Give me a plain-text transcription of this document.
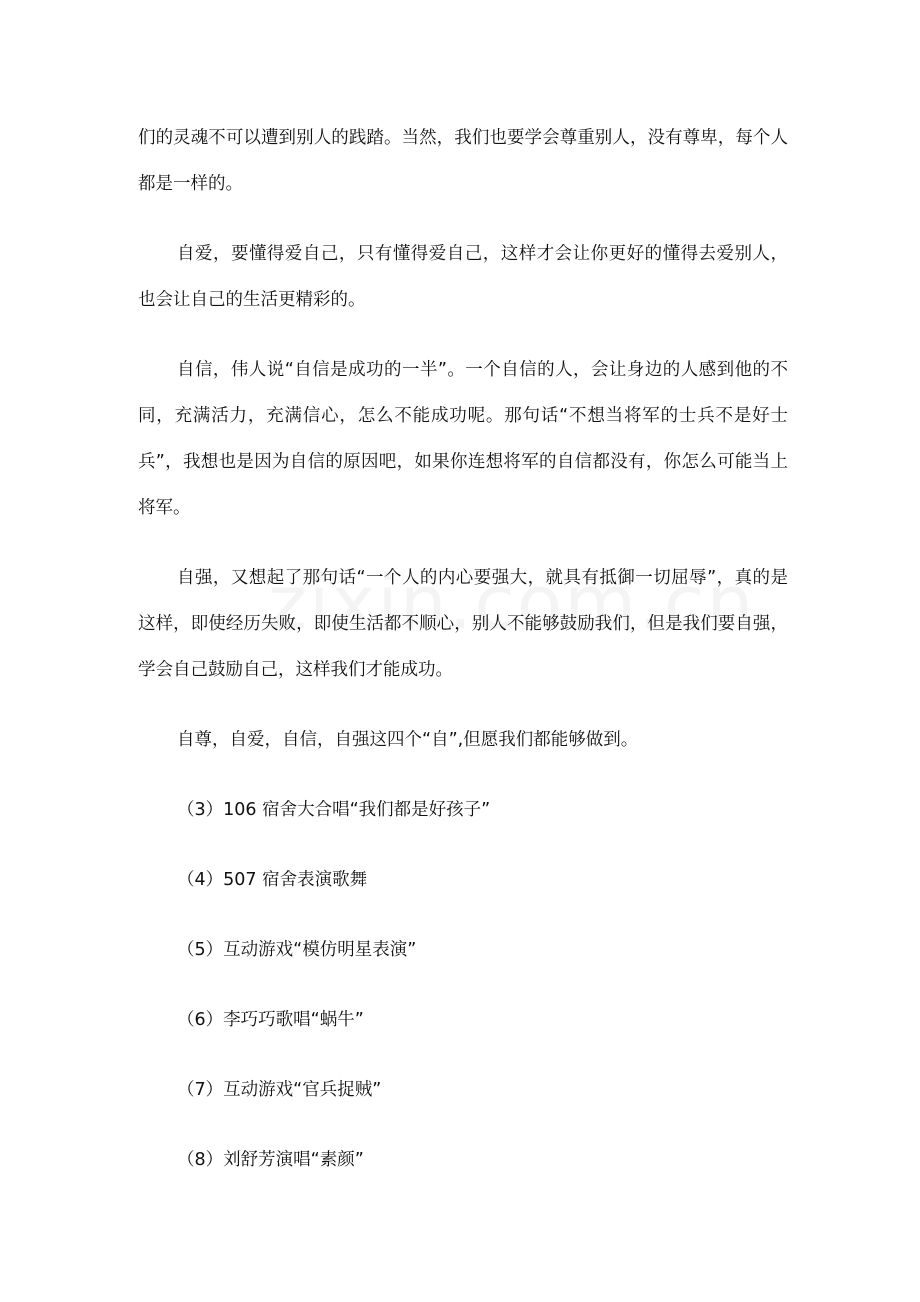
们的灵魂不可以遭到别人的践踏。当然，我们也要学会尊重别人，没有尊卑，每个人都是一样的。

自爱，要懂得爱自己，只有懂得爱自己，这样才会让你更好的懂得去爱别人，也会让自己的生活更精彩的。

自信，伟人说“自信是成功的一半”。一个自信的人，会让身边的人感到他的不同，充满活力，充满信心，怎么不能成功呢。那句话“不想当将军的士兵不是好士兵”，我想也是因为自信的原因吧，如果你连想将军的自信都没有，你怎么可能当上将军。

自强，又想起了那句话“一个人的内心要强大，就具有抵御一切屈辱”，真的是这样，即使经历失败，即使生活都不顺心，别人不能够鼓励我们，但是我们要自强，学会自己鼓励自己，这样我们才能成功。

自尊，自爱，自信，自强这四个“自”,但愿我们都能够做到。

（3）106 宿舍大合唱“我们都是好孩子”
（4）507 宿舍表演歌舞
（5）互动游戏“模仿明星表演”
（6）李巧巧歌唱“蜗牛”
（7）互动游戏“官兵捉贼”
（8）刘舒芳演唱“素颜”
